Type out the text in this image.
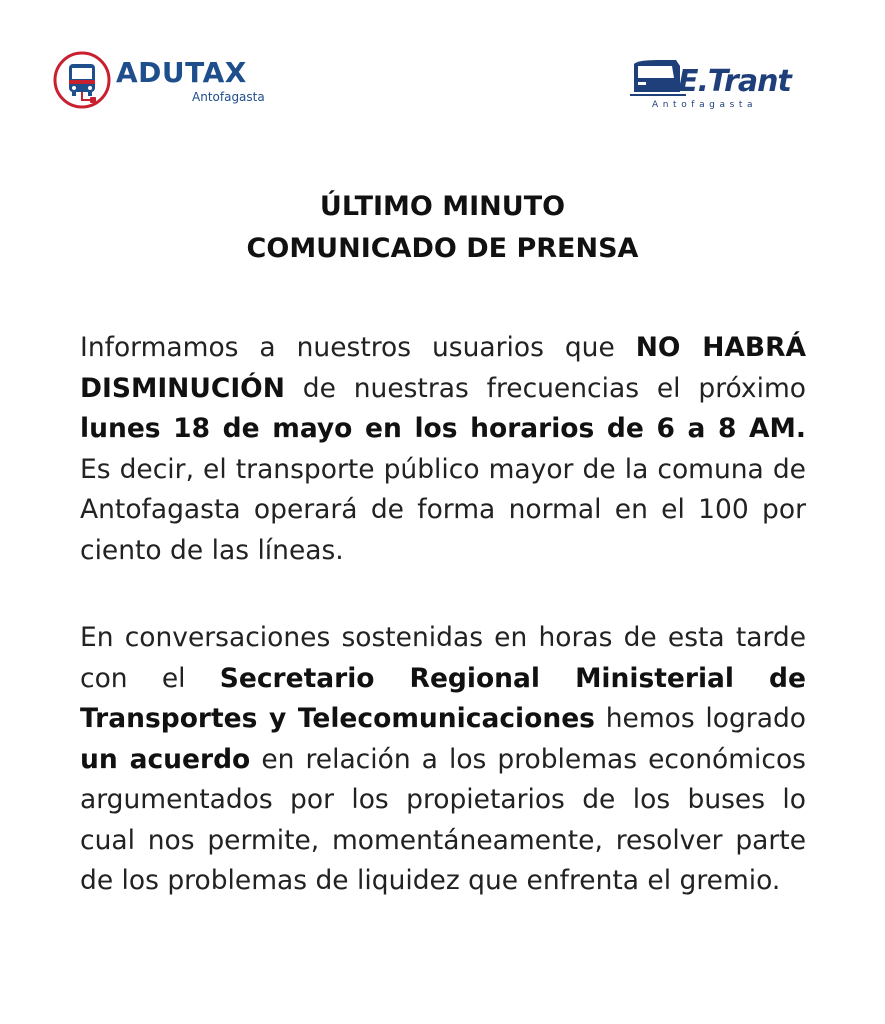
ADUTAX
Antofagasta	E.Trant
Antofagasta
ÚLTIMO MINUTO
COMUNICADO DE PRENSA
Informamos a nuestros usuarios que NO HABRÁ DISMINUCIÓN de nuestras frecuencias el próximo lunes 18 de mayo en los horarios de 6 a 8 AM. Es decir, el transporte público mayor de la comuna de Antofagasta operará de forma normal en el 100 por ciento de las líneas.
En conversaciones sostenidas en horas de esta tarde con el Secretario Regional Ministerial de Transportes y Telecomunicaciones hemos logrado un acuerdo en relación a los problemas económicos argumentados por los propietarios de los buses lo cual nos permite, momentáneamente, resolver parte de los problemas de liquidez que enfrenta el gremio.
